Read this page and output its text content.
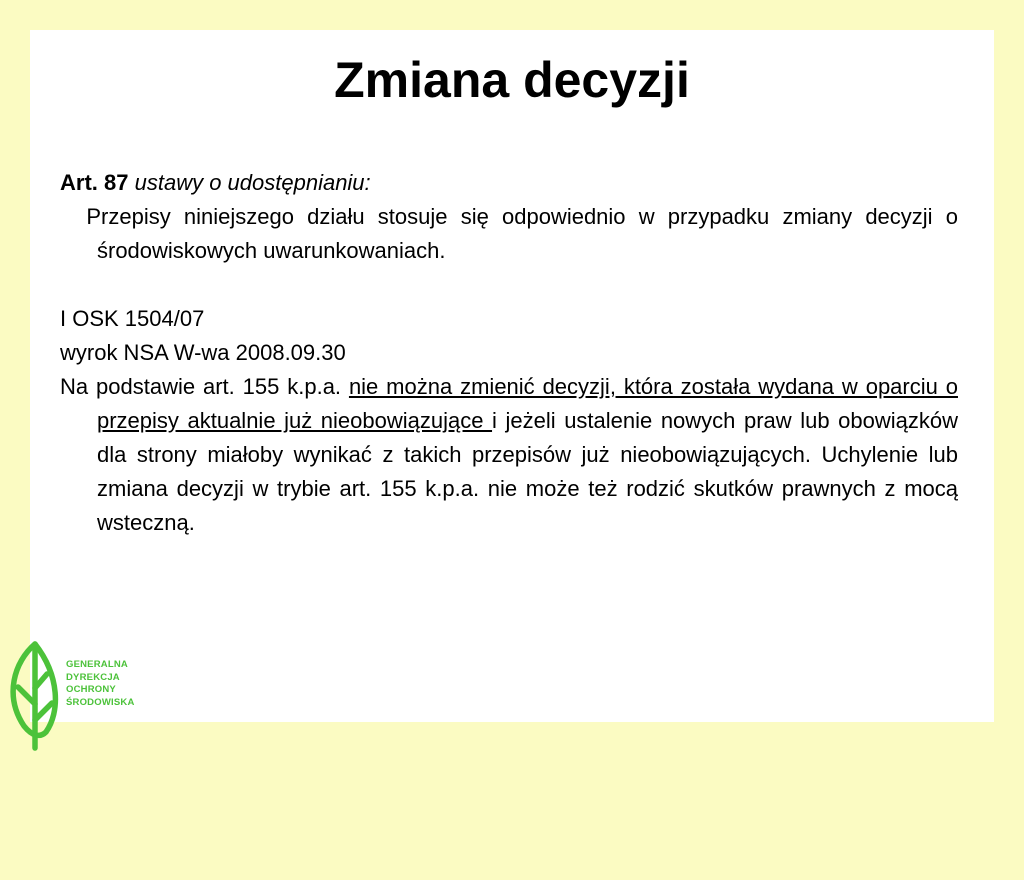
Zmiana decyzji

Art. 87 ustawy o udostępnianiu:

Przepisy niniejszego działu stosuje się odpowiednio w przypadku zmiany decyzji o środowiskowych uwarunkowaniach.

I OSK 1504/07

wyrok NSA W-wa 2008.09.30

Na podstawie art. 155 k.p.a. nie można zmienić decyzji, która została wydana w oparciu o przepisy aktualnie już nieobowiązujące i jeżeli ustalenie nowych praw lub obowiązków dla strony miałoby wynikać z takich przepisów już nieobowiązujących. Uchylenie lub zmiana decyzji w trybie art. 155 k.p.a. nie może też rodzić skutków prawnych z mocą wsteczną.

GENERALNA
DYREKCJA
OCHRONY
ŚRODOWISKA
